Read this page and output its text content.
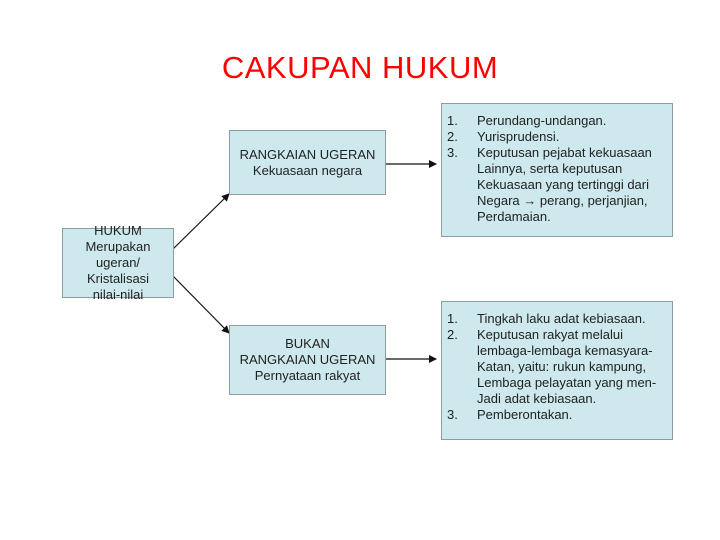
CAKUPAN HUKUM
HUKUM
Merupakan ugeran/
Kristalisasi
nilai-nilai
RANGKAIAN UGERAN
Kekuasaan negara
BUKAN
RANGKAIAN UGERAN
Pernyataan rakyat
1.	Perundang-undangan.
2.	Yurisprudensi.
3.	Keputusan pejabat kekuasaan
Lainnya, serta keputusan
Kekuasaan yang tertinggi dari
Negara → perang, perjanjian,
Perdamaian.
1.	Tingkah laku adat kebiasaan.
2.	Keputusan rakyat melalui
lembaga-lembaga kemasyara-
Katan, yaitu: rukun kampung,
Lembaga pelayatan yang men-
Jadi adat kebiasaan.
3.	Pemberontakan.
